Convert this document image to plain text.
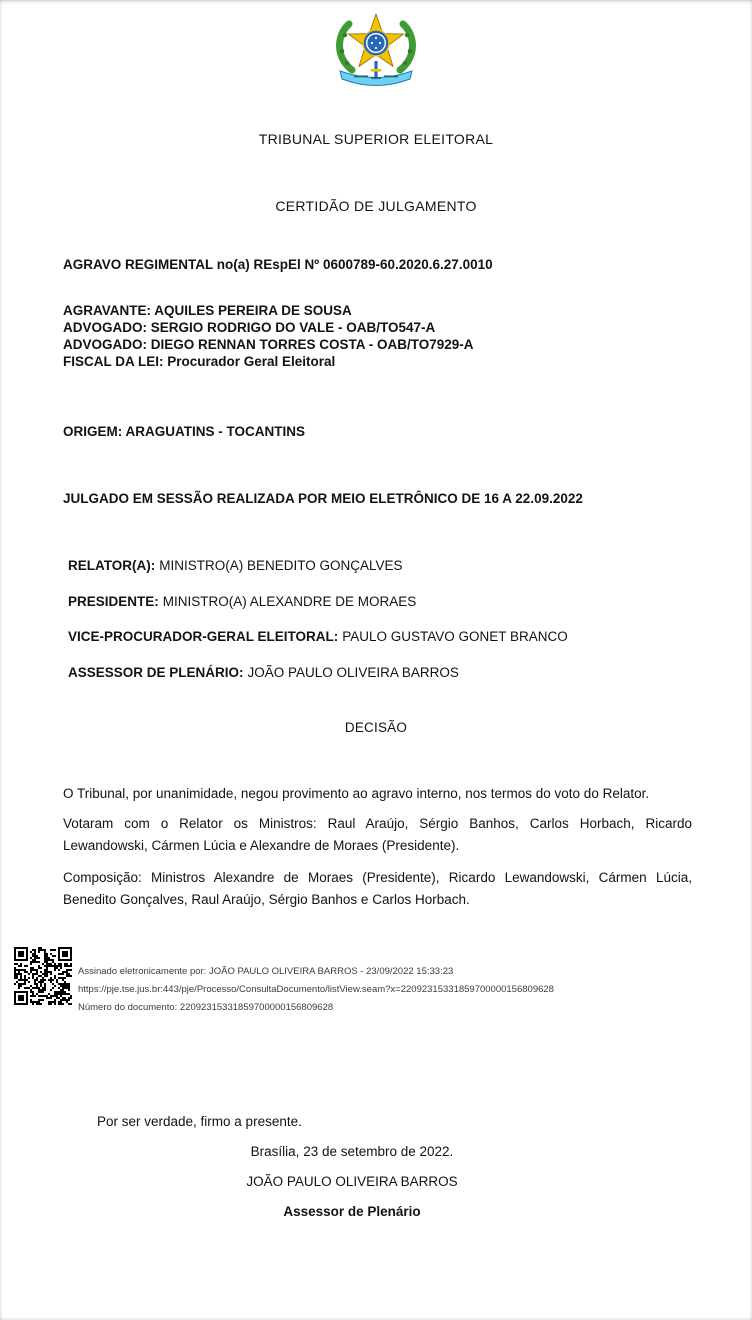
TRIBUNAL SUPERIOR ELEITORAL
CERTIDÃO DE JULGAMENTO
AGRAVO REGIMENTAL no(a) REspEl Nº 0600789-60.2020.6.27.0010
AGRAVANTE: AQUILES PEREIRA DE SOUSA
ADVOGADO: SERGIO RODRIGO DO VALE - OAB/TO547-A
ADVOGADO: DIEGO RENNAN TORRES COSTA - OAB/TO7929-A
FISCAL DA LEI: Procurador Geral Eleitoral
ORIGEM: ARAGUATINS - TOCANTINS
JULGADO EM SESSÃO REALIZADA POR MEIO ELETRÔNICO DE 16 A 22.09.2022
RELATOR(A): MINISTRO(A) BENEDITO GONÇALVES
PRESIDENTE: MINISTRO(A) ALEXANDRE DE MORAES
VICE-PROCURADOR-GERAL ELEITORAL: PAULO GUSTAVO GONET BRANCO
ASSESSOR DE PLENÁRIO: JOÃO PAULO OLIVEIRA BARROS
DECISÃO
O Tribunal, por unanimidade, negou provimento ao agravo interno, nos termos do voto do Relator.
Votaram com o Relator os Ministros: Raul Araújo, Sérgio Banhos, Carlos Horbach, Ricardo Lewandowski, Cármen Lúcia e Alexandre de Moraes (Presidente).
Composição: Ministros Alexandre de Moraes (Presidente), Ricardo Lewandowski, Cármen Lúcia, Benedito Gonçalves, Raul Araújo, Sérgio Banhos e Carlos Horbach.
Assinado eletronicamente por: JOÃO PAULO OLIVEIRA BARROS - 23/09/2022 15:33:23
https://pje.tse.jus.br:443/pje/Processo/ConsultaDocumento/listView.seam?x=22092315331859700000156809628
Número do documento: 22092315331859700000156809628
Por ser verdade, firmo a presente.
Brasília, 23 de setembro de 2022.
JOÃO PAULO OLIVEIRA BARROS
Assessor de Plenário
